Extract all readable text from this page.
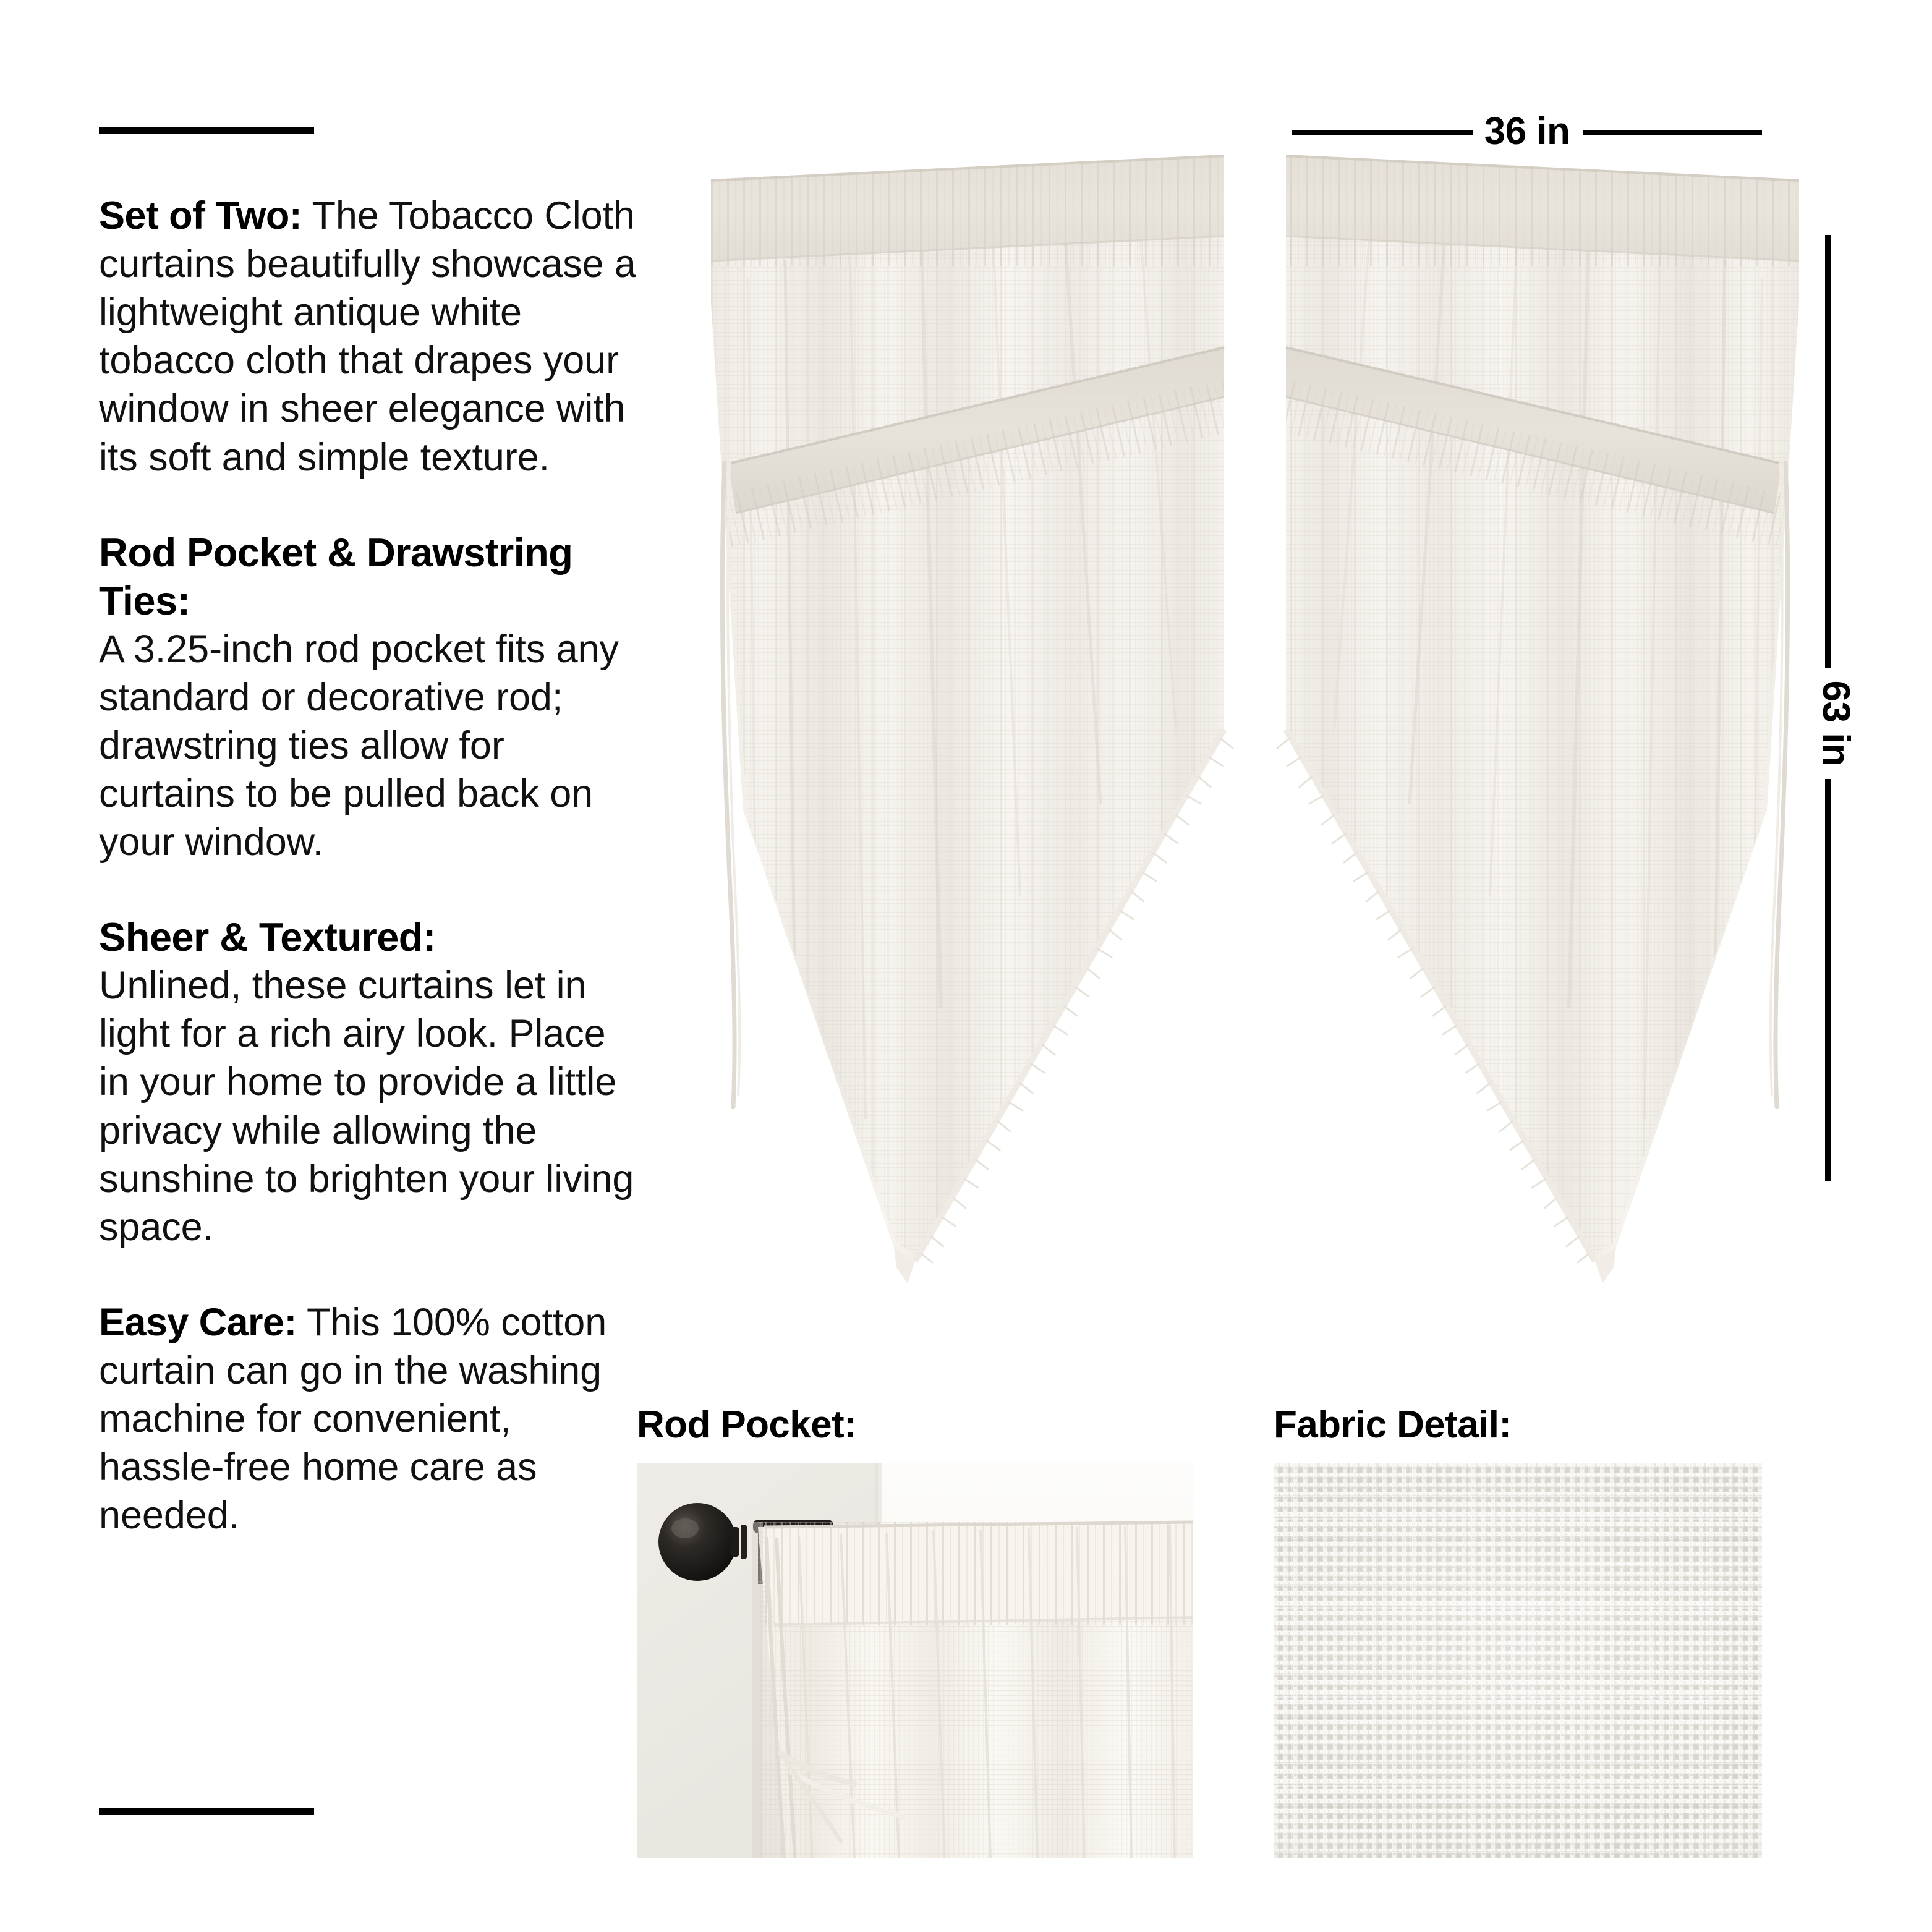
Set of Two: The Tobacco Cloth curtains beautifully showcase a lightweight antique white tobacco cloth that drapes your window in sheer elegance with its soft and simple texture.

Rod Pocket & Drawstring Ties:
A 3.25-inch rod pocket fits any standard or decorative rod; drawstring ties allow for curtains to be pulled back on your window.

Sheer & Textured:
Unlined, these curtains let in light for a rich airy look. Place in your home to provide a little privacy while allowing the sunshine to brighten your living space.

Easy Care: This 100% cotton curtain can go in the washing machine for convenient, hassle-free home care as needed.

36 in
63 in
Rod Pocket:	Fabric Detail:
